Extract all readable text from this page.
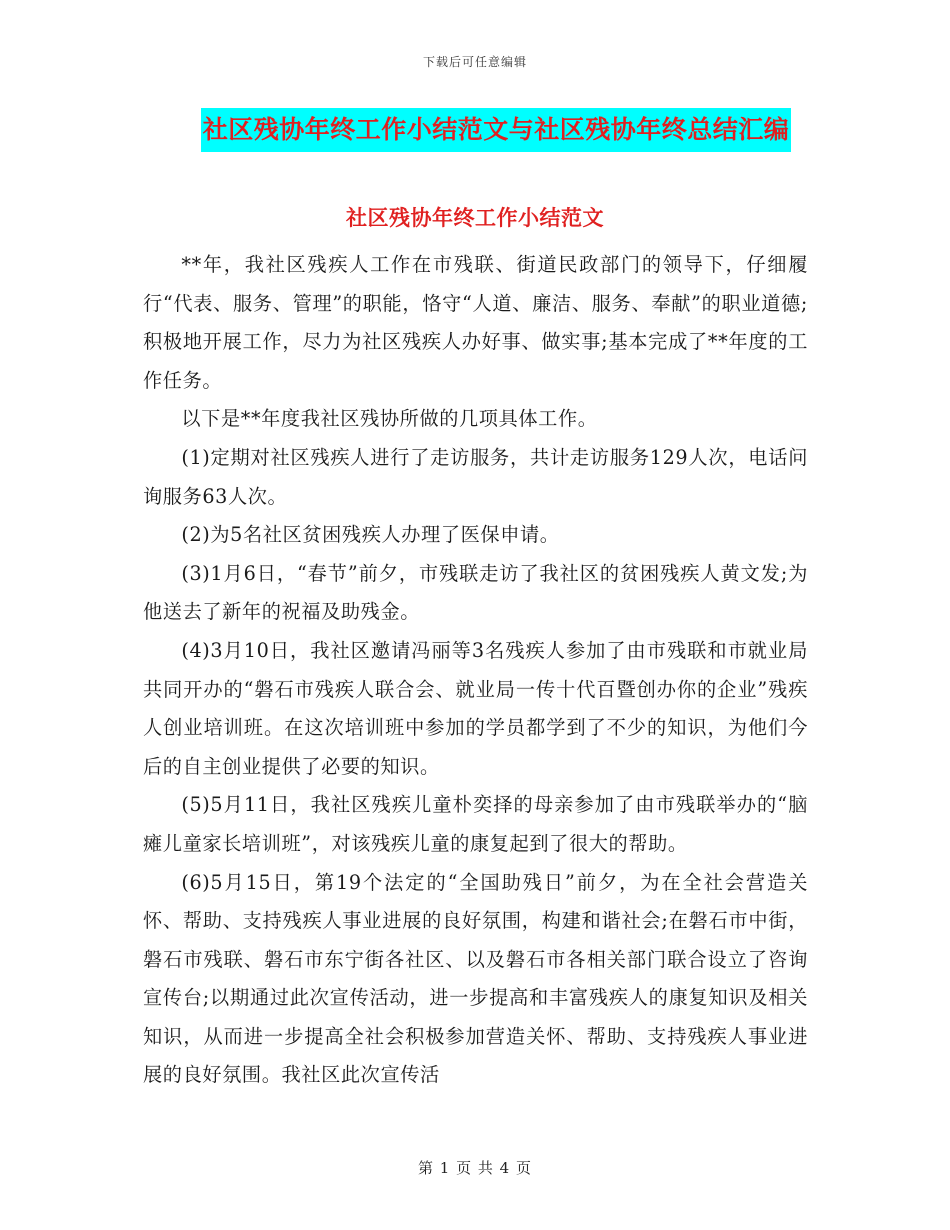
下载后可任意编辑
社区残协年终工作小结范文与社区残协年终总结汇编
社区残协年终工作小结范文

**年，我社区残疾人工作在市残联、街道民政部门的领导下，仔细履行“代表、服务、管理”的职能，恪守“人道、廉洁、服务、奉献”的职业道德;积极地开展工作，尽力为社区残疾人办好事、做实事;基本完成了**年度的工作任务。

以下是**年度我社区残协所做的几项具体工作。

(1)定期对社区残疾人进行了走访服务，共计走访服务129人次，电话问询服务63人次。

(2)为5名社区贫困残疾人办理了医保申请。

(3)1月6日，“春节”前夕，市残联走访了我社区的贫困残疾人黄文发;为他送去了新年的祝福及助残金。

(4)3月10日，我社区邀请冯丽等3名残疾人参加了由市残联和市就业局共同开办的“磐石市残疾人联合会、就业局一传十代百暨创办你的企业”残疾人创业培训班。在这次培训班中参加的学员都学到了不少的知识，为他们今后的自主创业提供了必要的知识。

(5)5月11日，我社区残疾儿童朴奕择的母亲参加了由市残联举办的“脑瘫儿童家长培训班”，对该残疾儿童的康复起到了很大的帮助。

(6)5月15日，第19个法定的“全国助残日”前夕，为在全社会营造关怀、帮助、支持残疾人事业进展的良好氛围，构建和谐社会;在磐石市中街，磐石市残联、磐石市东宁街各社区、以及磐石市各相关部门联合设立了咨询宣传台;以期通过此次宣传活动，进一步提高和丰富残疾人的康复知识及相关知识，从而进一步提高全社会积极参加营造关怀、帮助、支持残疾人事业进展的良好氛围。我社区此次宣传活

第 1 页 共 4 页
